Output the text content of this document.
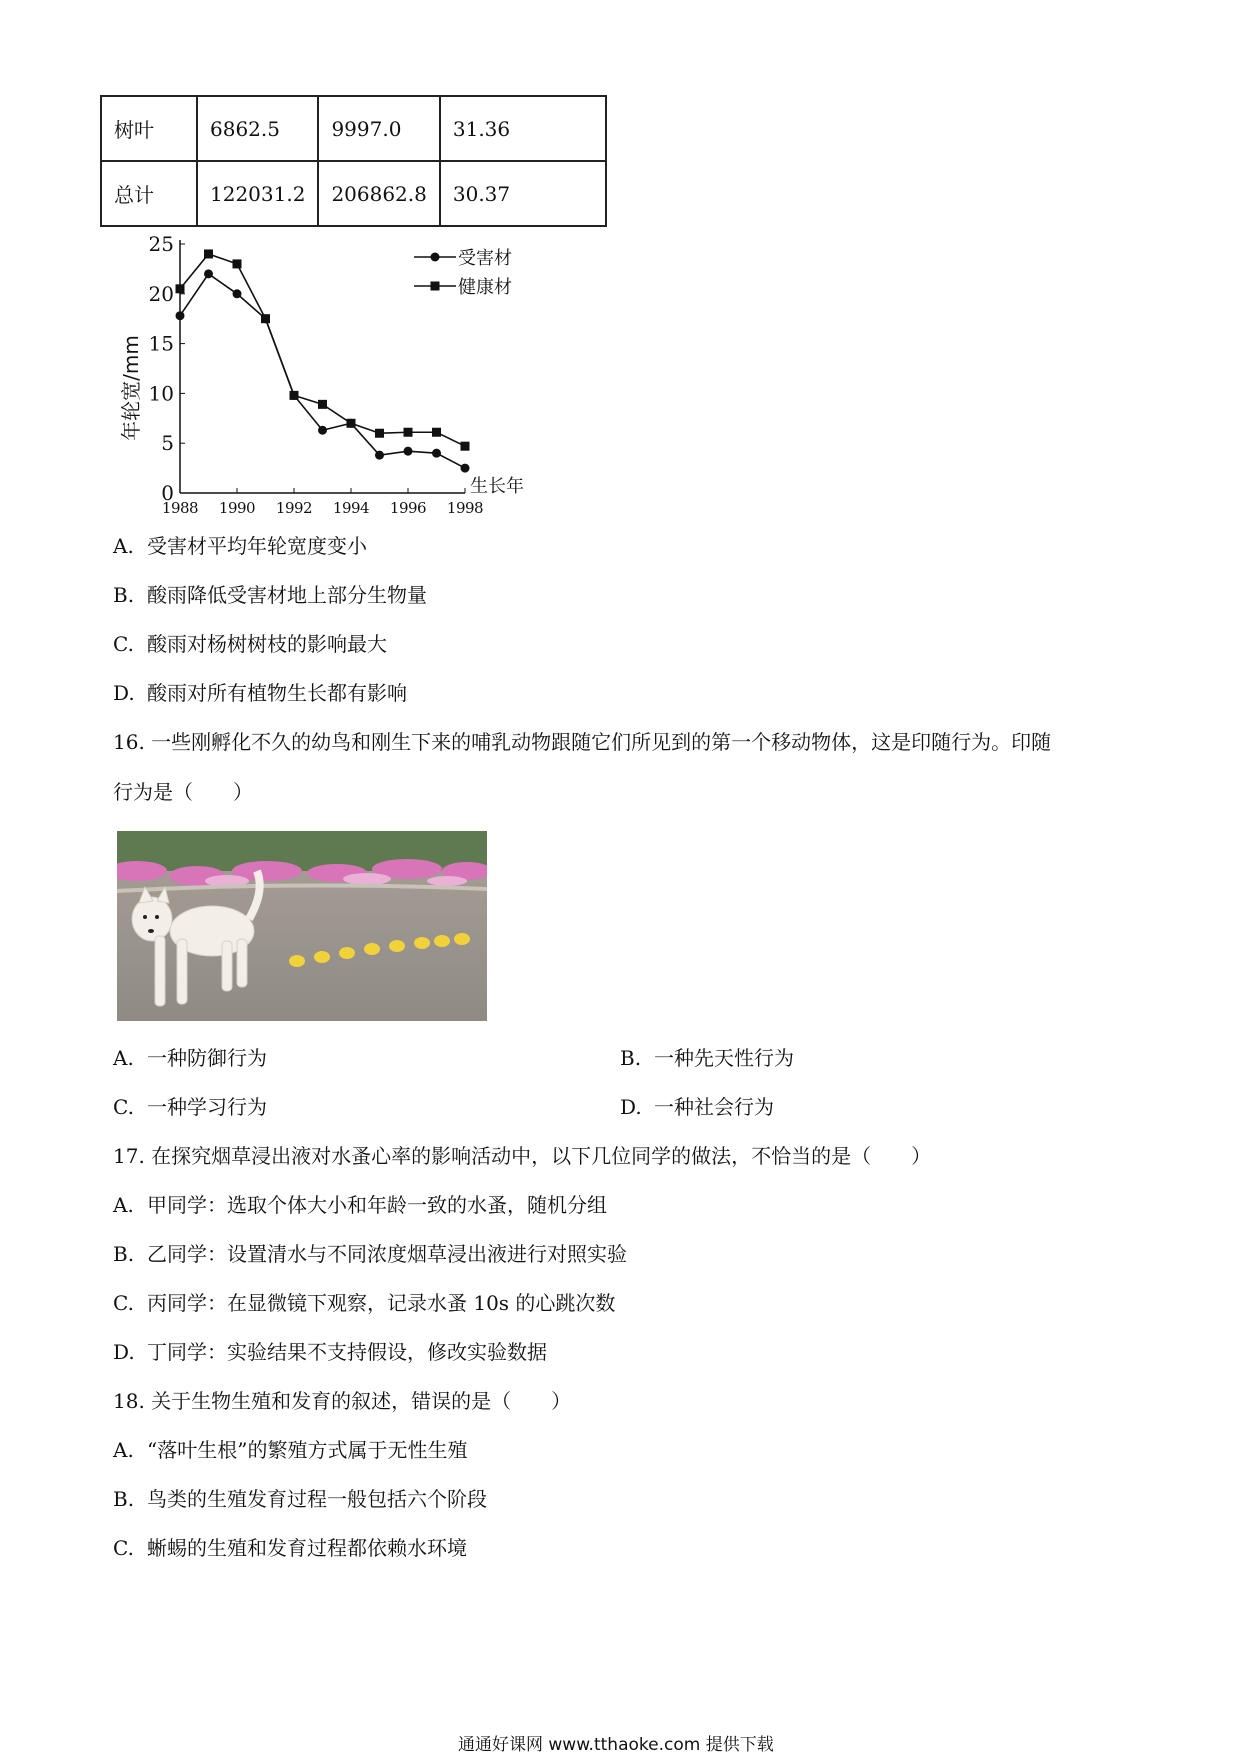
树叶	6862.5	9997.0	31.36
总计	122031.2	206862.8	30.37
0
5
10
15
20
25
1988 1990 1992 1994 1996 1998
年轮宽/mm
生长年
受害材
健康材
A. 受害材平均年轮宽度变小
B. 酸雨降低受害材地上部分生物量
C. 酸雨对杨树树枝的影响最大
D. 酸雨对所有植物生长都有影响
16. 一些刚孵化不久的幼鸟和刚生下来的哺乳动物跟随它们所见到的第一个移动物体，这是印随行为。印随
行为是（　　）
A. 一种防御行为	B. 一种先天性行为
C. 一种学习行为	D. 一种社会行为
17. 在探究烟草浸出液对水蚤心率的影响活动中，以下几位同学的做法，不恰当的是（　　）
A. 甲同学：选取个体大小和年龄一致的水蚤，随机分组
B. 乙同学：设置清水与不同浓度烟草浸出液进行对照实验
C. 丙同学：在显微镜下观察，记录水蚤 10s 的心跳次数
D. 丁同学：实验结果不支持假设，修改实验数据
18. 关于生物生殖和发育的叙述，错误的是（　　）
A. “落叶生根”的繁殖方式属于无性生殖
B. 鸟类的生殖发育过程一般包括六个阶段
C. 蜥蜴的生殖和发育过程都依赖水环境
通通好课网 www.tthaoke.com 提供下载
